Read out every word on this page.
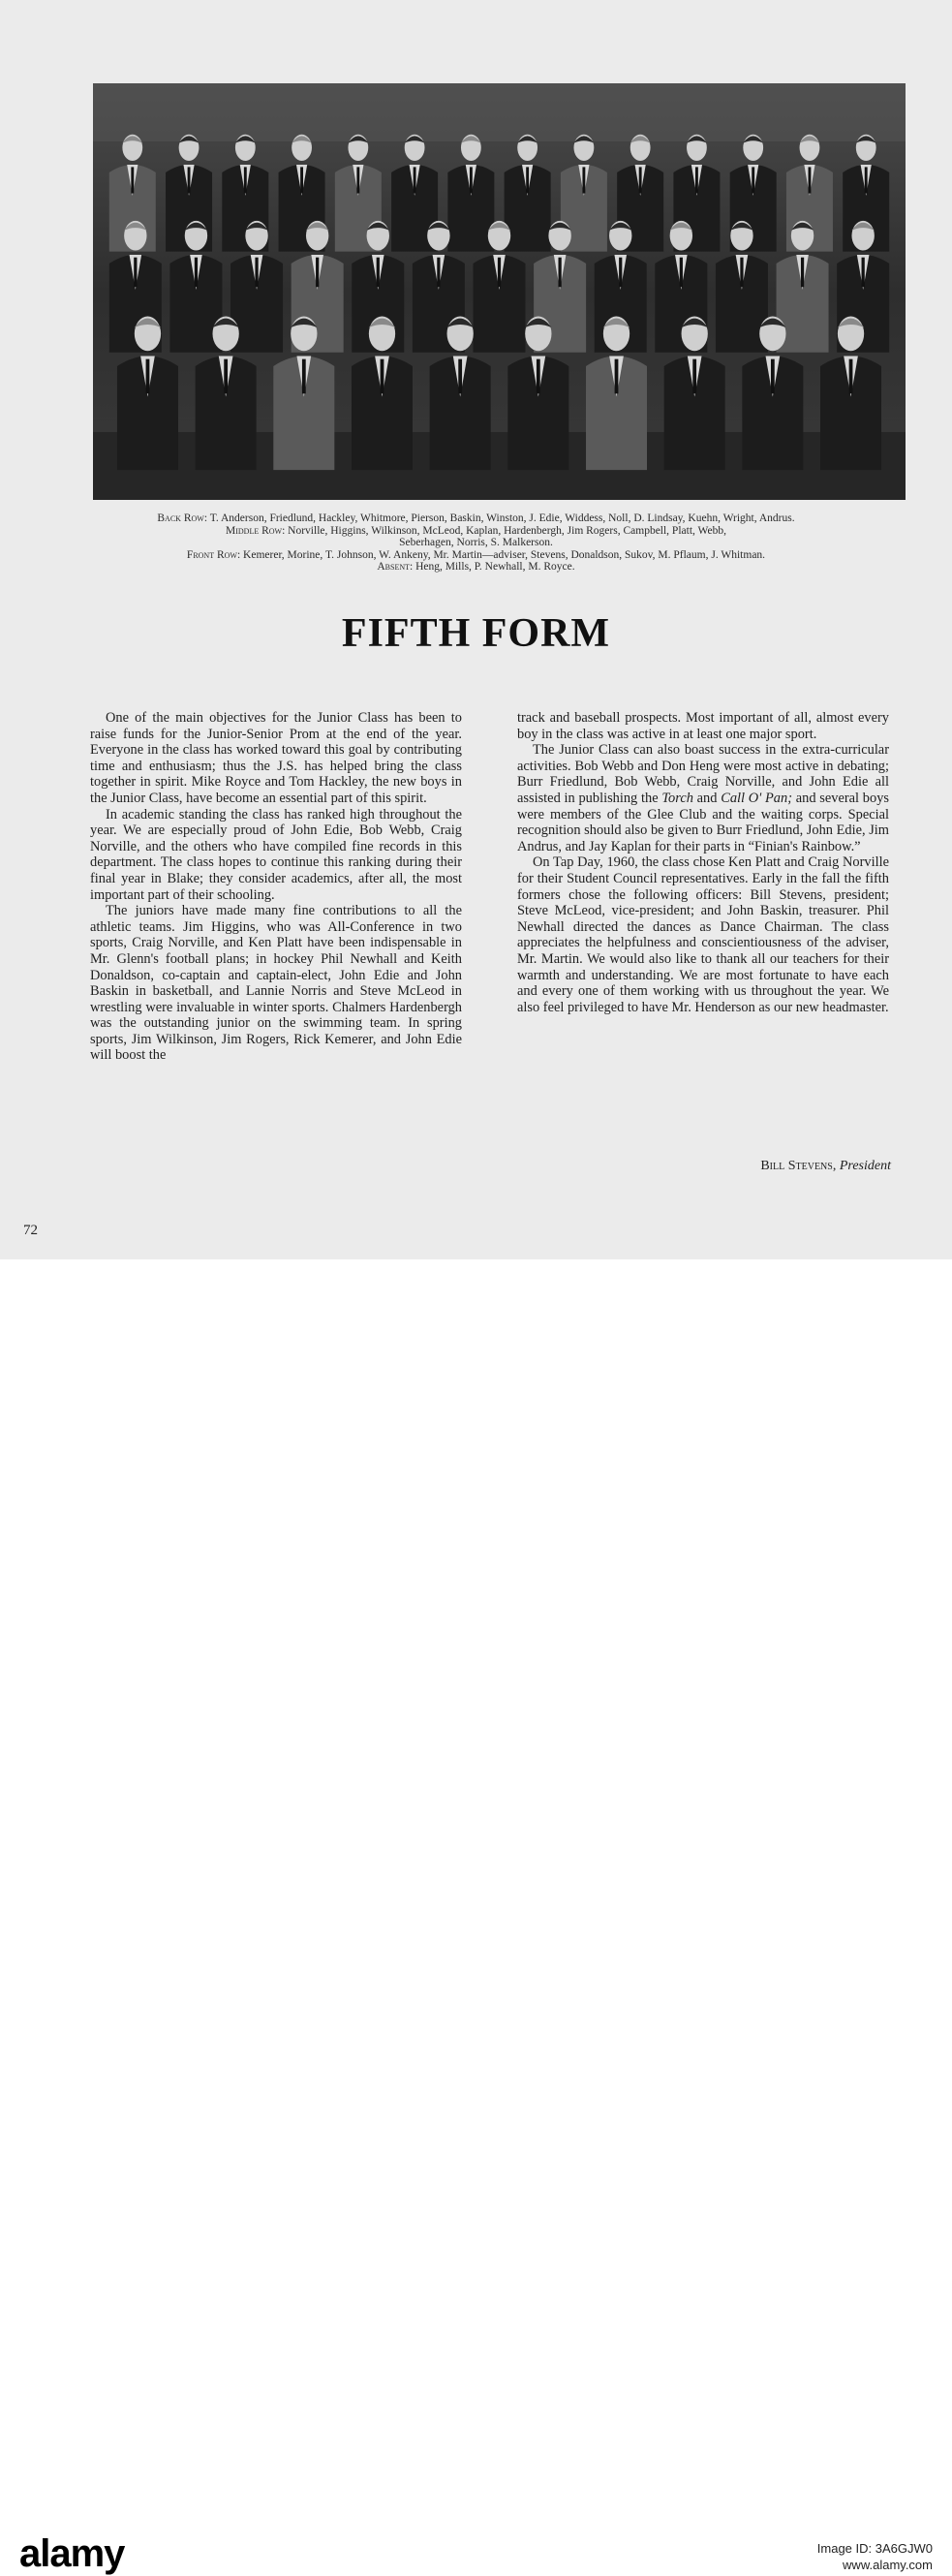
Back Row: T. Anderson, Friedlund, Hackley, Whitmore, Pierson, Baskin, Winston, J. Edie, Widdess, Noll, D. Lindsay, Kuehn, Wright, Andrus.
Middle Row: Norville, Higgins, Wilkinson, McLeod, Kaplan, Hardenbergh, Jim Rogers, Campbell, Platt, Webb,
Seberhagen, Norris, S. Malkerson.
Front Row: Kemerer, Morine, T. Johnson, W. Ankeny, Mr. Martin—adviser, Stevens, Donaldson, Sukov, M. Pflaum, J. Whitman.
Absent: Heng, Mills, P. Newhall, M. Royce.
FIFTH FORM

One of the main objectives for the Junior Class has been to raise funds for the Junior-Senior Prom at the end of the year. Everyone in the class has worked toward this goal by contributing time and enthusiasm; thus the J.S. has helped bring the class together in spirit. Mike Royce and Tom Hackley, the new boys in the Junior Class, have become an essential part of this spirit.

In academic standing the class has ranked high throughout the year. We are especially proud of John Edie, Bob Webb, Craig Norville, and the others who have compiled fine records in this department. The class hopes to continue this ranking during their final year in Blake; they consider academics, after all, the most important part of their schooling.

The juniors have made many fine contributions to all the athletic teams. Jim Higgins, who was All-Conference in two sports, Craig Norville, and Ken Platt have been indispensable in Mr. Glenn's football plans; in hockey Phil Newhall and Keith Donaldson, co-captain and captain-elect, John Edie and John Baskin in basketball, and Lannie Norris and Steve McLeod in wrestling were invaluable in winter sports. Chalmers Hardenbergh was the outstanding junior on the swimming team. In spring sports, Jim Wilkinson, Jim Rogers, Rick Kemerer, and John Edie will boost the

track and baseball prospects. Most important of all, almost every boy in the class was active in at least one major sport.

The Junior Class can also boast success in the extra-curricular activities. Bob Webb and Don Heng were most active in debating; Burr Friedlund, Bob Webb, Craig Norville, and John Edie all assisted in publishing the Torch and Call O' Pan; and several boys were members of the Glee Club and the waiting corps. Special recognition should also be given to Burr Friedlund, John Edie, Jim Andrus, and Jay Kaplan for their parts in “Finian's Rainbow.”

On Tap Day, 1960, the class chose Ken Platt and Craig Norville for their Student Council representatives. Early in the fall the fifth formers chose the following officers: Bill Stevens, president; Steve McLeod, vice-president; and John Baskin, treasurer. Phil Newhall directed the dances as Dance Chairman. The class appreciates the helpfulness and conscientiousness of the adviser, Mr. Martin. We would also like to thank all our teachers for their warmth and understanding. We are most fortunate to have each and every one of them working with us throughout the year. We also feel privileged to have Mr. Henderson as our new headmaster.

Bill Stevens, President
72
alamy	Image ID: 3A6GJW0
www.alamy.com
